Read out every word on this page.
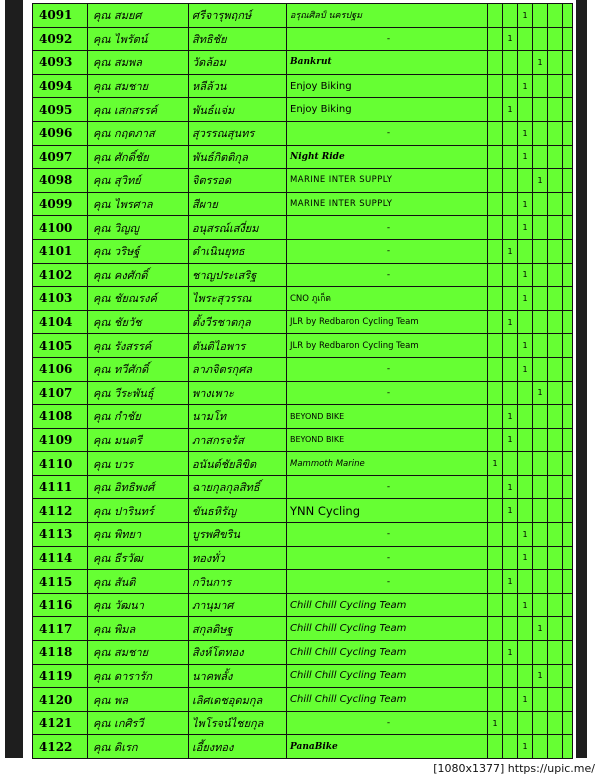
4091	คุณ สมยศ	ศรีจารุพฤกษ์	อรุณศิลป์ นครปฐม			1			
4092	คุณ ไพรัตน์	สิทธิชัย	-		1				
4093	คุณ สมพล	วัดล้อม	Bankrut				1		
4094	คุณ สมชาย	หลีล้วน	Enjoy Biking			1			
4095	คุณ เสกสรรค์	พันธ์แจ่ม	Enjoy Biking		1				
4096	คุณ กฤตภาส	สุวรรณสุนทร	-			1			
4097	คุณ ศักดิ์ชัย	พันธ์กิตติกุล	Night Ride			1			
4098	คุณ สุวิทย์	จิตรรอด	MARINE INTER SUPPLY				1		
4099	คุณ ไพรศาล	สีผาย	MARINE INTER SUPPLY			1			
4100	คุณ วิญญู	อนุสรณ์เสงี่ยม	-			1			
4101	คุณ วริษฐ์	ดำเนินยุทธ	-		1				
4102	คุณ คงศักดิ์	ชาญประเสริฐ	-			1			
4103	คุณ ชัยณรงค์	ไพระสุวรรณ	CNO ภูเก็ต			1			
4104	คุณ ชัยวัช	ตั้งวีรชาตกุล	JLR by Redbaron Cycling Team		1				
4105	คุณ รังสรรค์	ตันติไอพาร	JLR by Redbaron Cycling Team			1			
4106	คุณ ทวีศักดิ์	ลาภจิตรกุศล	-			1			
4107	คุณ วีระพันธุ์	พางเพาะ	-				1		
4108	คุณ กำชัย	นามโท	BEYOND BIKE		1				
4109	คุณ มนตรี	ภาสกรจรัส	BEYOND BIKE		1				
4110	คุณ บวร	อนันต์ชัยลิขิต	Mammoth Marine	1					
4111	คุณ อิทธิพงศ์	ฉายกุลกุลสิทธิ์	-		1				
4112	คุณ ปารินทร์	ขันธหิรัญ	YNN Cycling		1				
4113	คุณ พิทยา	บูรพศิขริน	-			1			
4114	คุณ ธีรวัฒ	ทองทั่ว	-			1			
4115	คุณ สันติ	กวินการ	-		1				
4116	คุณ วัฒนา	ภานุมาศ	Chill Chill Cycling Team			1			
4117	คุณ พิมล	สกุลดิษฐ	Chill Chill Cycling Team				1		
4118	คุณ สมชาย	สิงห์โตทอง	Chill Chill Cycling Team		1				
4119	คุณ ดารารัก	นาคพลั้ง	Chill Chill Cycling Team				1		
4120	คุณ พล	เลิศเดชอุดมกุล	Chill Chill Cycling Team			1			
4121	คุณ เกศิรวี	ไพโรจน์ไชยกุล	-	1					
4122	คุณ ดิเรก	เอี้ยงทอง	PanaBike			1			
[1080x1377] https://upic.me/
